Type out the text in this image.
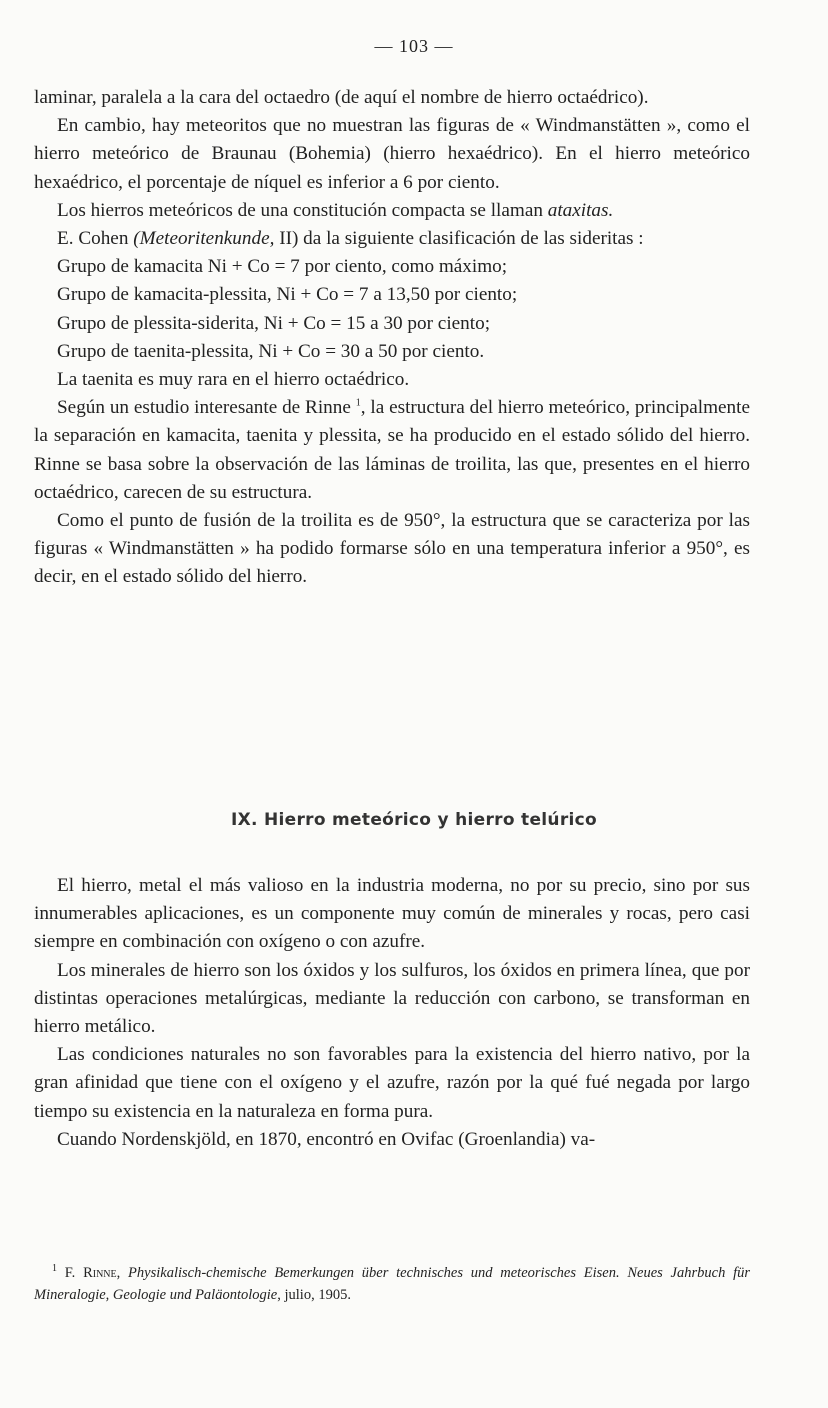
— 103 —

laminar, paralela a la cara del octaedro (de aquí el nombre de hierro octaédrico).

En cambio, hay meteoritos que no muestran las figuras de « Windmanstätten », como el hierro meteórico de Braunau (Bohemia) (hierro hexaédrico). En el hierro meteórico hexaédrico, el porcentaje de níquel es inferior a 6 por ciento.

Los hierros meteóricos de una constitución compacta se llaman ataxitas.

E. Cohen (Meteoritenkunde, II) da la siguiente clasificación de las sideritas :

Grupo de kamacita Ni + Co = 7 por ciento, como máximo;

Grupo de kamacita-plessita, Ni + Co = 7 a 13,50 por ciento;

Grupo de plessita-siderita, Ni + Co = 15 a 30 por ciento;

Grupo de taenita-plessita, Ni + Co = 30 a 50 por ciento.

La taenita es muy rara en el hierro octaédrico.

Según un estudio interesante de Rinne $^1$, la estructura del hierro meteórico, principalmente la separación en kamacita, taenita y plessita, se ha producido en el estado sólido del hierro. Rinne se basa sobre la observación de las láminas de troilita, las que, presentes en el hierro octaédrico, carecen de su estructura.

Como el punto de fusión de la troilita es de 950°, la estructura que se caracteriza por las figuras « Windmanstätten » ha podido formarse sólo en una temperatura inferior a 950°, es decir, en el estado sólido del hierro.

IX. Hierro meteórico y hierro telúrico

El hierro, metal el más valioso en la industria moderna, no por su precio, sino por sus innumerables aplicaciones, es un componente muy común de minerales y rocas, pero casi siempre en combinación con oxígeno o con azufre.

Los minerales de hierro son los óxidos y los sulfuros, los óxidos en primera línea, que por distintas operaciones metalúrgicas, mediante la reducción con carbono, se transforman en hierro metálico.

Las condiciones naturales no son favorables para la existencia del hierro nativo, por la gran afinidad que tiene con el oxígeno y el azufre, razón por la qué fué negada por largo tiempo su existencia en la naturaleza en forma pura.

Cuando Nordenskjöld, en 1870, encontró en Ovifac (Groenlandia) va-

$^1$ F. Rinne, Physikalisch-chemische Bemerkungen über technisches und meteorisches Eisen. Neues Jahrbuch für Mineralogie, Geologie und Paläontologie, julio, 1905.
